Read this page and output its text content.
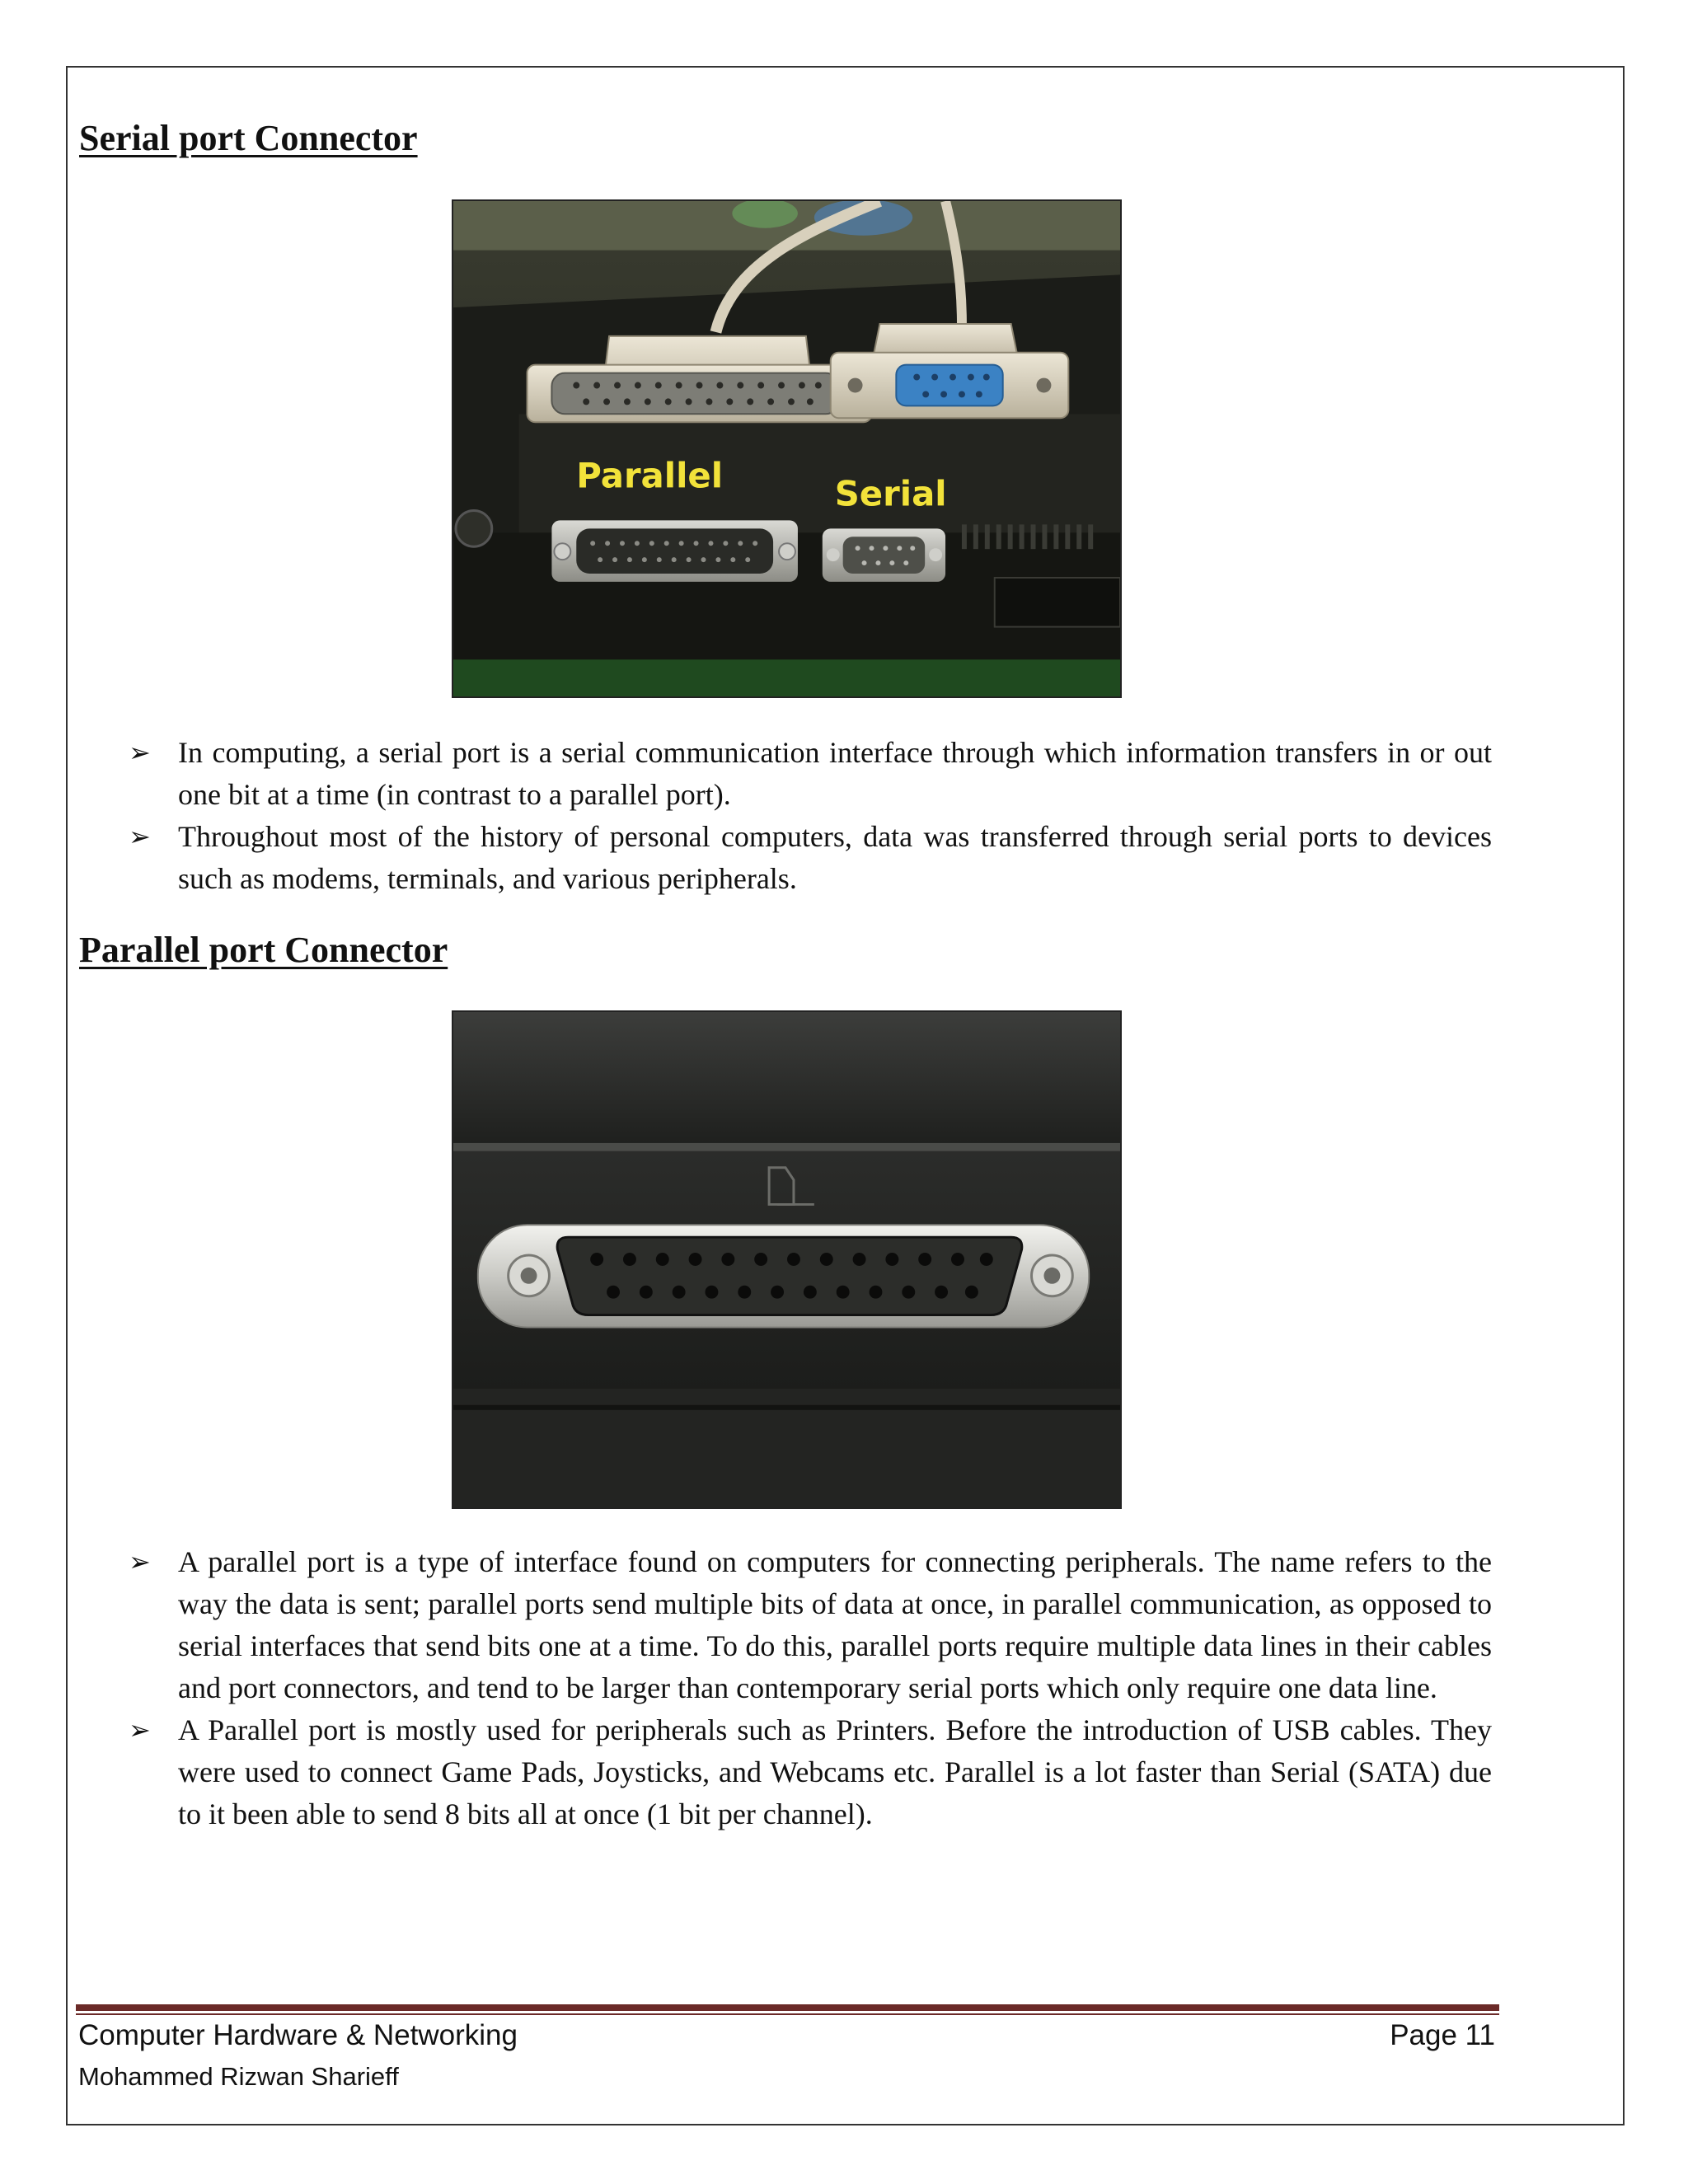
Serial port Connector
Parallel	Serial
➢ In computing, a serial port is a serial communication interface through which information transfers in or out one bit at a time (in contrast to a parallel port).
➢ Throughout most of the history of personal computers, data was transferred through serial ports to devices such as modems, terminals, and various peripherals.
Parallel port Connector
➢ A parallel port is a type of interface found on computers for connecting peripherals. The name refers to the way the data is sent; parallel ports send multiple bits of data at once, in parallel communication, as opposed to serial interfaces that send bits one at a time. To do this, parallel ports require multiple data lines in their cables and port connectors, and tend to be larger than contemporary serial ports which only require one data line.
➢ A Parallel port is mostly used for peripherals such as Printers. Before the introduction of USB cables. They were used to connect Game Pads, Joysticks, and Webcams etc. Parallel is a lot faster than Serial (SATA) due to it been able to send 8 bits all at once (1 bit per channel).
Computer Hardware & Networking
Mohammed Rizwan Sharieff
Page 11
